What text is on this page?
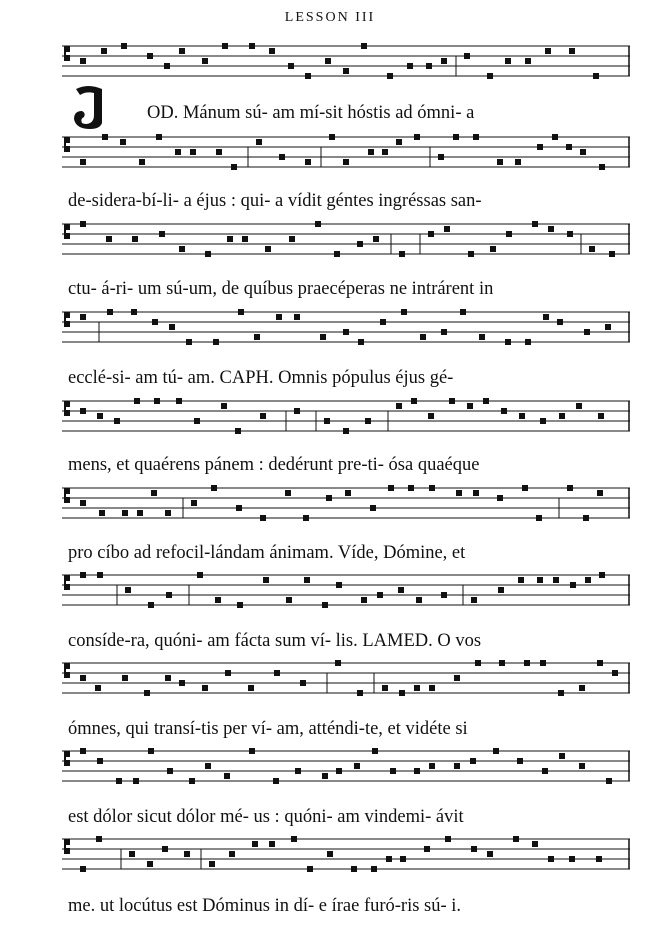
LESSON III
OD. Mánum sú- am mí-sit hóstis ad ómni- a
de-sidera-bí-li- a éjus : qui- a vídit géntes ingréssas san-
ctu- á-ri- um sú-um, de quíbus praecéperas ne intrárent in
ecclé-si- am tú- am. CAPH. Omnis pópulus éjus gé-
mens, et quaérens pánem : dedérunt pre-ti- ósa quaéque
pro cíbo ad refocil-lándam ánimam. Víde, Dómine, et
consíde-ra, quóni- am fácta sum ví- lis. LAMED. O vos
ómnes, qui transí-tis per ví- am, atténdi-te, et vidéte si
est dólor sicut dólor mé- us : quóni- am vindemi- ávit
me. ut locútus est Dóminus in dí- e írae furó-ris sú- i.
